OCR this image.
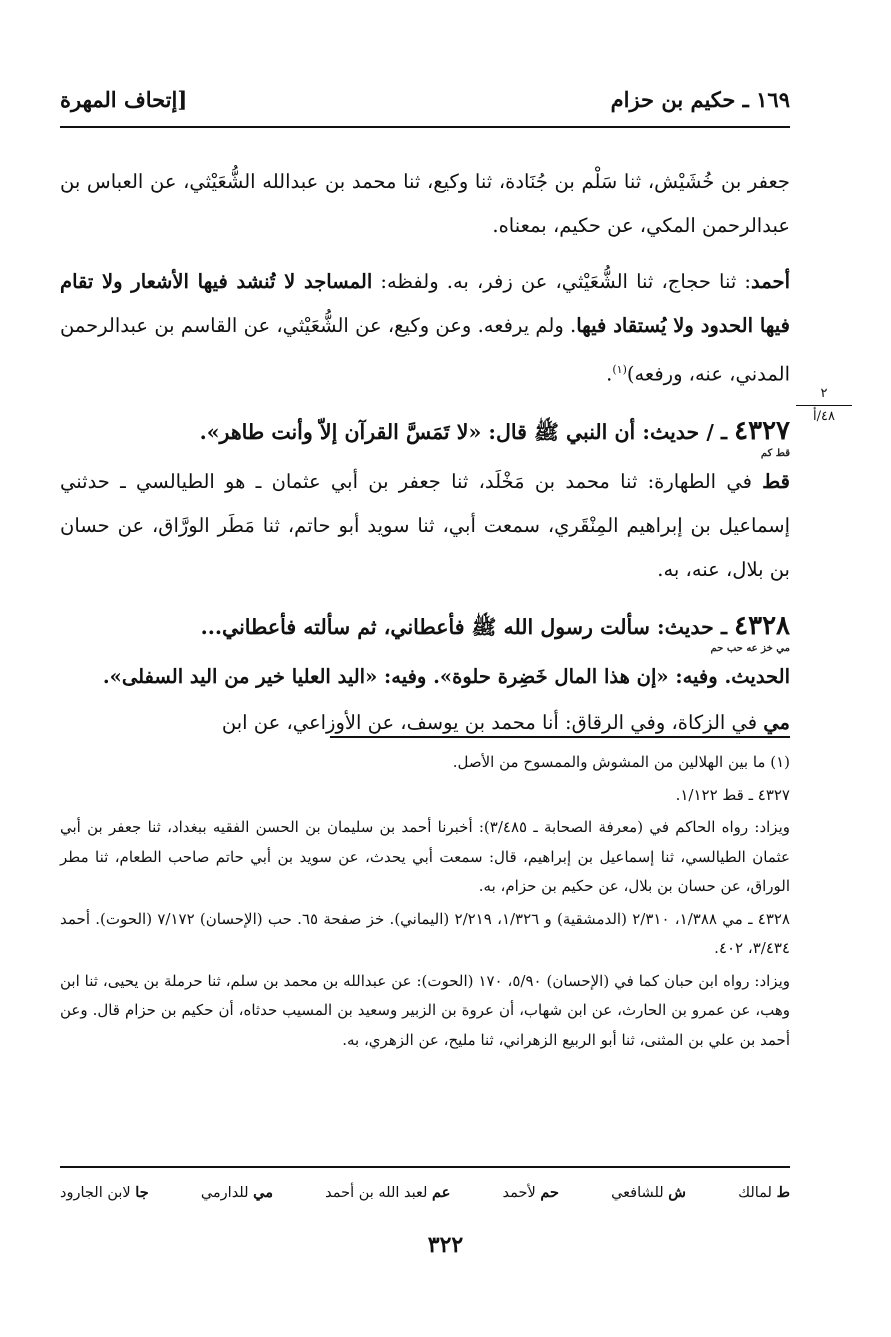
١٦٩ ـ حكيم بن حزام
[إتحاف المهرة
٢
٤٨/أ

جعفر بن خُشَيْش، ثنا سَلْم بن جُنَادة، ثنا وكيع، ثنا محمد بن عبدالله الشُّعَيْثي، عن العباس بن عبدالرحمن المكي، عن حكيم، بمعناه.

أحمد: ثنا حجاج، ثنا الشُّعَيْثي، عن زفر، به. ولفظه: المساجد لا تُنشد فيها الأشعار ولا تقام فيها الحدود ولا يُستقاد فيها. ولم يرفعه. وعن وكيع، عن الشُّعَيْثي، عن القاسم بن عبدالرحمن المدني، عنه، ورفعه)$^{(١)}$.

٤٣٢٧ ـ / حديث: أن النبي ﷺ قال: «لا تَمَسَّ القرآن إلاّ وأنت طاهر».
قط كم

قط في الطهارة: ثنا محمد بن مَخْلَد، ثنا جعفر بن أبي عثمان ـ هو الطيالسي ـ حدثني إسماعيل بن إبراهيم المِنْقَري، سمعت أبي، ثنا سويد أبو حاتم، ثنا مَطَر الورَّاق، عن حسان بن بلال، عنه، به.

٤٣٢٨ ـ حديث: سألت رسول الله ﷺ فأعطاني، ثم سألته فأعطاني...
مي خز عه حب حم

الحديث. وفيه: «إن هذا المال خَضِرة حلوة». وفيه: «اليد العليا خير من اليد السفلى».

مي في الزكاة، وفي الرقاق: أنا محمد بن يوسف، عن الأوزاعي، عن ابن

(١) ما بين الهلالين من المشوش والممسوح من الأصل.

٤٣٢٧ ـ قط ١/١٢٢.

ويزاد: رواه الحاكم في (معرفة الصحابة ـ ٣/٤٨٥): أخبرنا أحمد بن سليمان بن الحسن الفقيه ببغداد، ثنا جعفر بن أبي عثمان الطيالسي، ثنا إسماعيل بن إبراهيم، قال: سمعت أبي يحدث، عن سويد بن أبي حاتم صاحب الطعام، ثنا مطر الوراق، عن حسان بن بلال، عن حكيم بن حزام، به.

٤٣٢٨ ـ مي ١/٣٨٨، ٢/٣١٠ (الدمشقية) و ١/٣٢٦، ٢/٢١٩ (اليماني). خز صفحة ٦٥. حب (الإحسان) ٧/١٧٢ (الحوت). أحمد ٣/٤٣٤، ٤٠٢.

ويزاد: رواه ابن حبان كما في (الإحسان) ٥/٩٠، ١٧٠ (الحوت): عن عبدالله بن محمد بن سلم، ثنا حرملة بن يحيى، ثنا ابن وهب، عن عمرو بن الحارث، عن ابن شهاب، أن عروة بن الزبير وسعيد بن المسيب حدثاه، أن حكيم بن حزام قال. وعن أحمد بن علي بن المثنى، ثنا أبو الربيع الزهراني، ثنا مليح، عن الزهري، به.

ط لمالك
ش للشافعي
حم لأحمد
عم لعبد الله بن أحمد
مي للدارمي
جا لابن الجارود
٣٢٢
